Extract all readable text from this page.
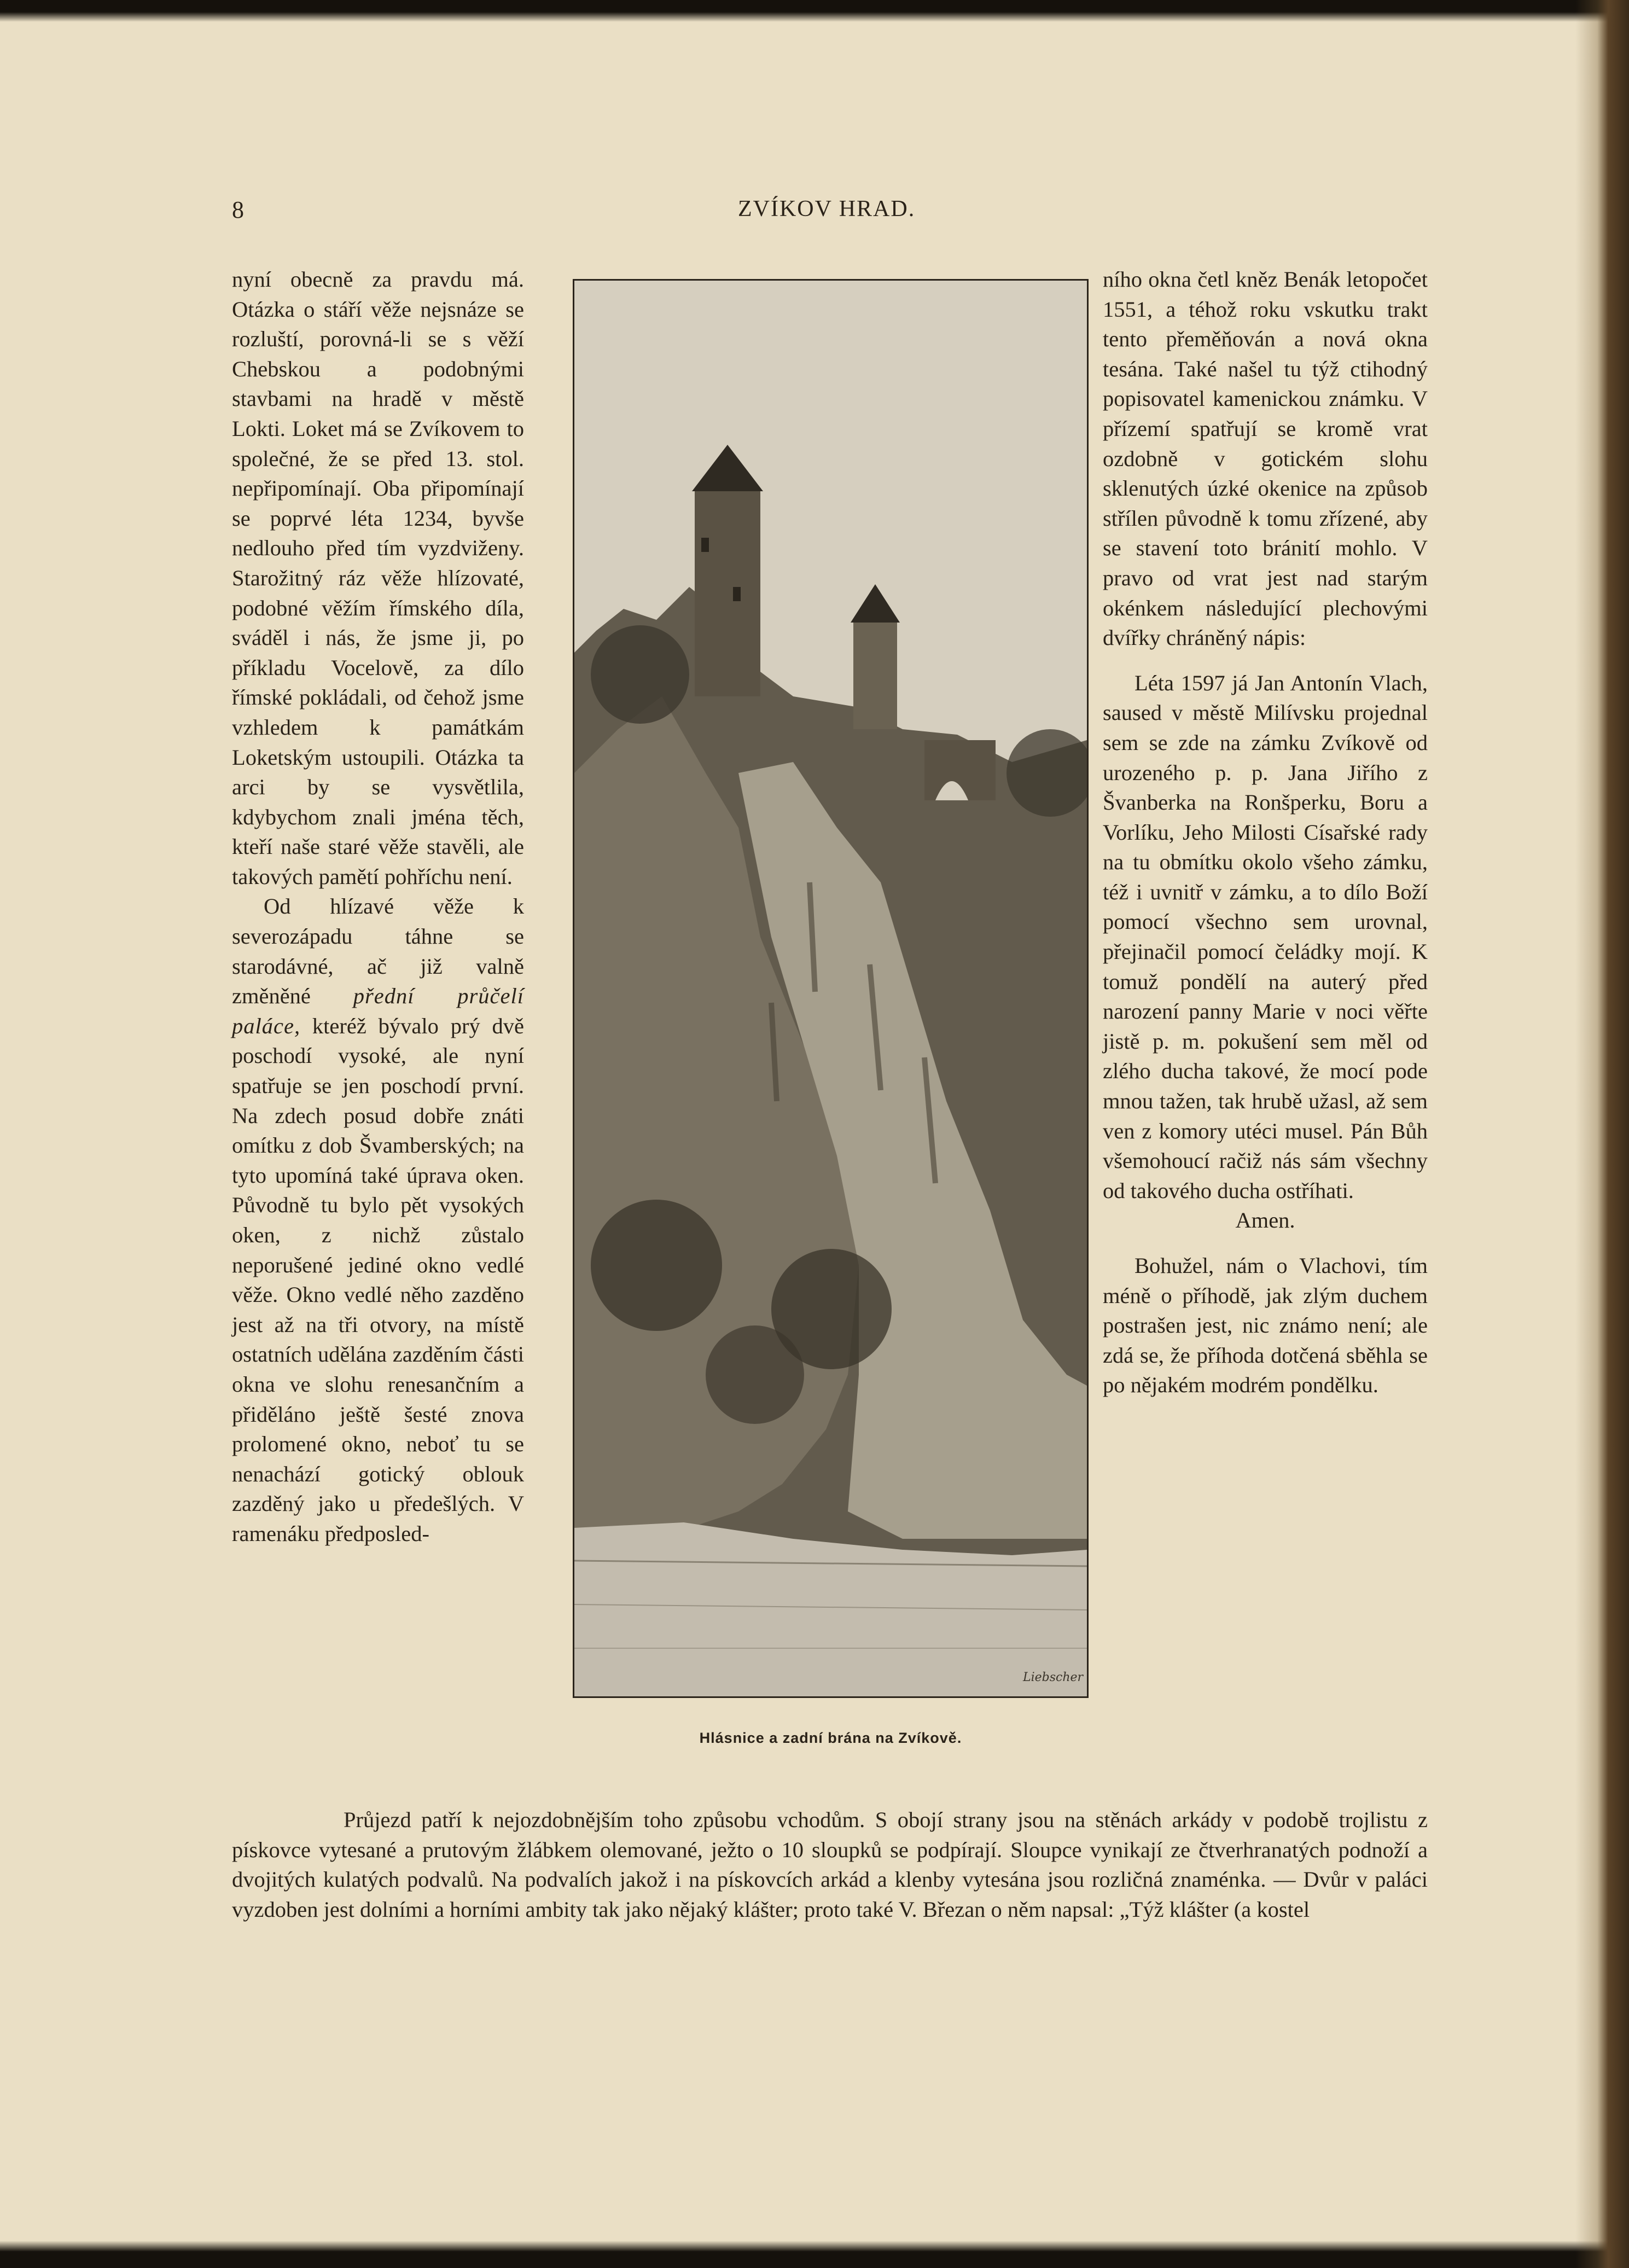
8	ZVÍKOV HRAD.

nyní obecně za pravdu má. Otázka o stáří věže nejsnáze se rozluští, porovná-li se s věží Chebskou a podobnými stavbami na hradě v městě Lokti. Loket má se Zvíkovem to společné, že se před 13. stol. nepřipomínají. Oba připomínají se poprvé léta 1234, byvše nedlouho před tím vyzdviženy. Starožitný ráz věže hlízovaté, podobné věžím římského díla, sváděl i nás, že jsme ji, po příkladu Vocelově, za dílo římské pokládali, od čehož jsme vzhledem k památkám Loketským ustoupili. Otázka ta arci by se vysvětlila, kdybychom znali jména těch, kteří naše staré věže stavěli, ale takových pamětí pohříchu není.

Od hlízavé věže k severozápadu táhne se starodávné, ač již valně změněné přední průčelí paláce, kteréž bývalo prý dvě poschodí vysoké, ale nyní spatřuje se jen poschodí první. Na zdech posud dobře znáti omítku z dob Švamberských; na tyto upomíná také úprava oken. Původně tu bylo pět vysokých oken, z nichž zůstalo neporušené jediné okno vedlé věže. Okno vedlé něho zazděno jest až na tři otvory, na místě ostatních udělána zazděním části okna ve slohu renesančním a přiděláno ještě šesté znova prolomené okno, neboť tu se nenachází gotický oblouk zazděný jako u předešlých. V ramenáku předposled-

Liebscher
Hlásnice a zadní brána na Zvíkově.

ního okna četl kněz Benák letopočet 1551, a téhož roku vskutku trakt tento přeměňován a nová okna tesána. Také našel tu týž ctihodný popisovatel kamenickou známku. V přízemí spatřují se kromě vrat ozdobně v gotickém slohu sklenutých úzké okenice na způsob střílen původně k tomu zřízené, aby se stavení toto bránití mohlo. V pravo od vrat jest nad starým okénkem následující plechovými dvířky chráněný nápis:

Léta 1597 já Jan Antonín Vlach, saused v městě Milívsku projednal sem se zde na zámku Zvíkově od urozeného p. p. Jana Jiřího z Švanberka na Ronšperku, Boru a Vorlíku, Jeho Milosti Císařské rady na tu obmítku okolo všeho zámku, též i uvnitř v zámku, a to dílo Boží pomocí všechno sem urovnal, přejinačil pomocí čeládky mojí. K tomuž pondělí na auterý před narození panny Marie v noci věřte jistě p. m. pokušení sem měl od zlého ducha takové, že mocí pode mnou tažen, tak hrubě užasl, až sem ven z komory utéci musel. Pán Bůh všemohoucí račiž nás sám všechny od takového ducha ostříhati.

Amen.

Bohužel, nám o Vlachovi, tím méně o příhodě, jak zlým duchem postrašen jest, nic známo není; ale zdá se, že příhoda dotčená sběhla se po nějakém modrém pondělku.

Průjezd patří k nejozdobnějším toho způsobu vchodům. S obojí strany jsou na stěnách arkády v podobě trojlistu z pískovce vytesané a prutovým žlábkem olemované, ježto o 10 sloupků se podpírají. Sloupce vynikají ze čtverhranatých podnoží a dvojitých kulatých podvalů. Na podvalích jakož i na pískovcích arkád a klenby vytesána jsou rozličná znaménka. — Dvůr v paláci vyzdoben jest dolními a horními ambity tak jako nějaký klášter; proto také V. Březan o něm napsal: „Týž klášter (a kostel
